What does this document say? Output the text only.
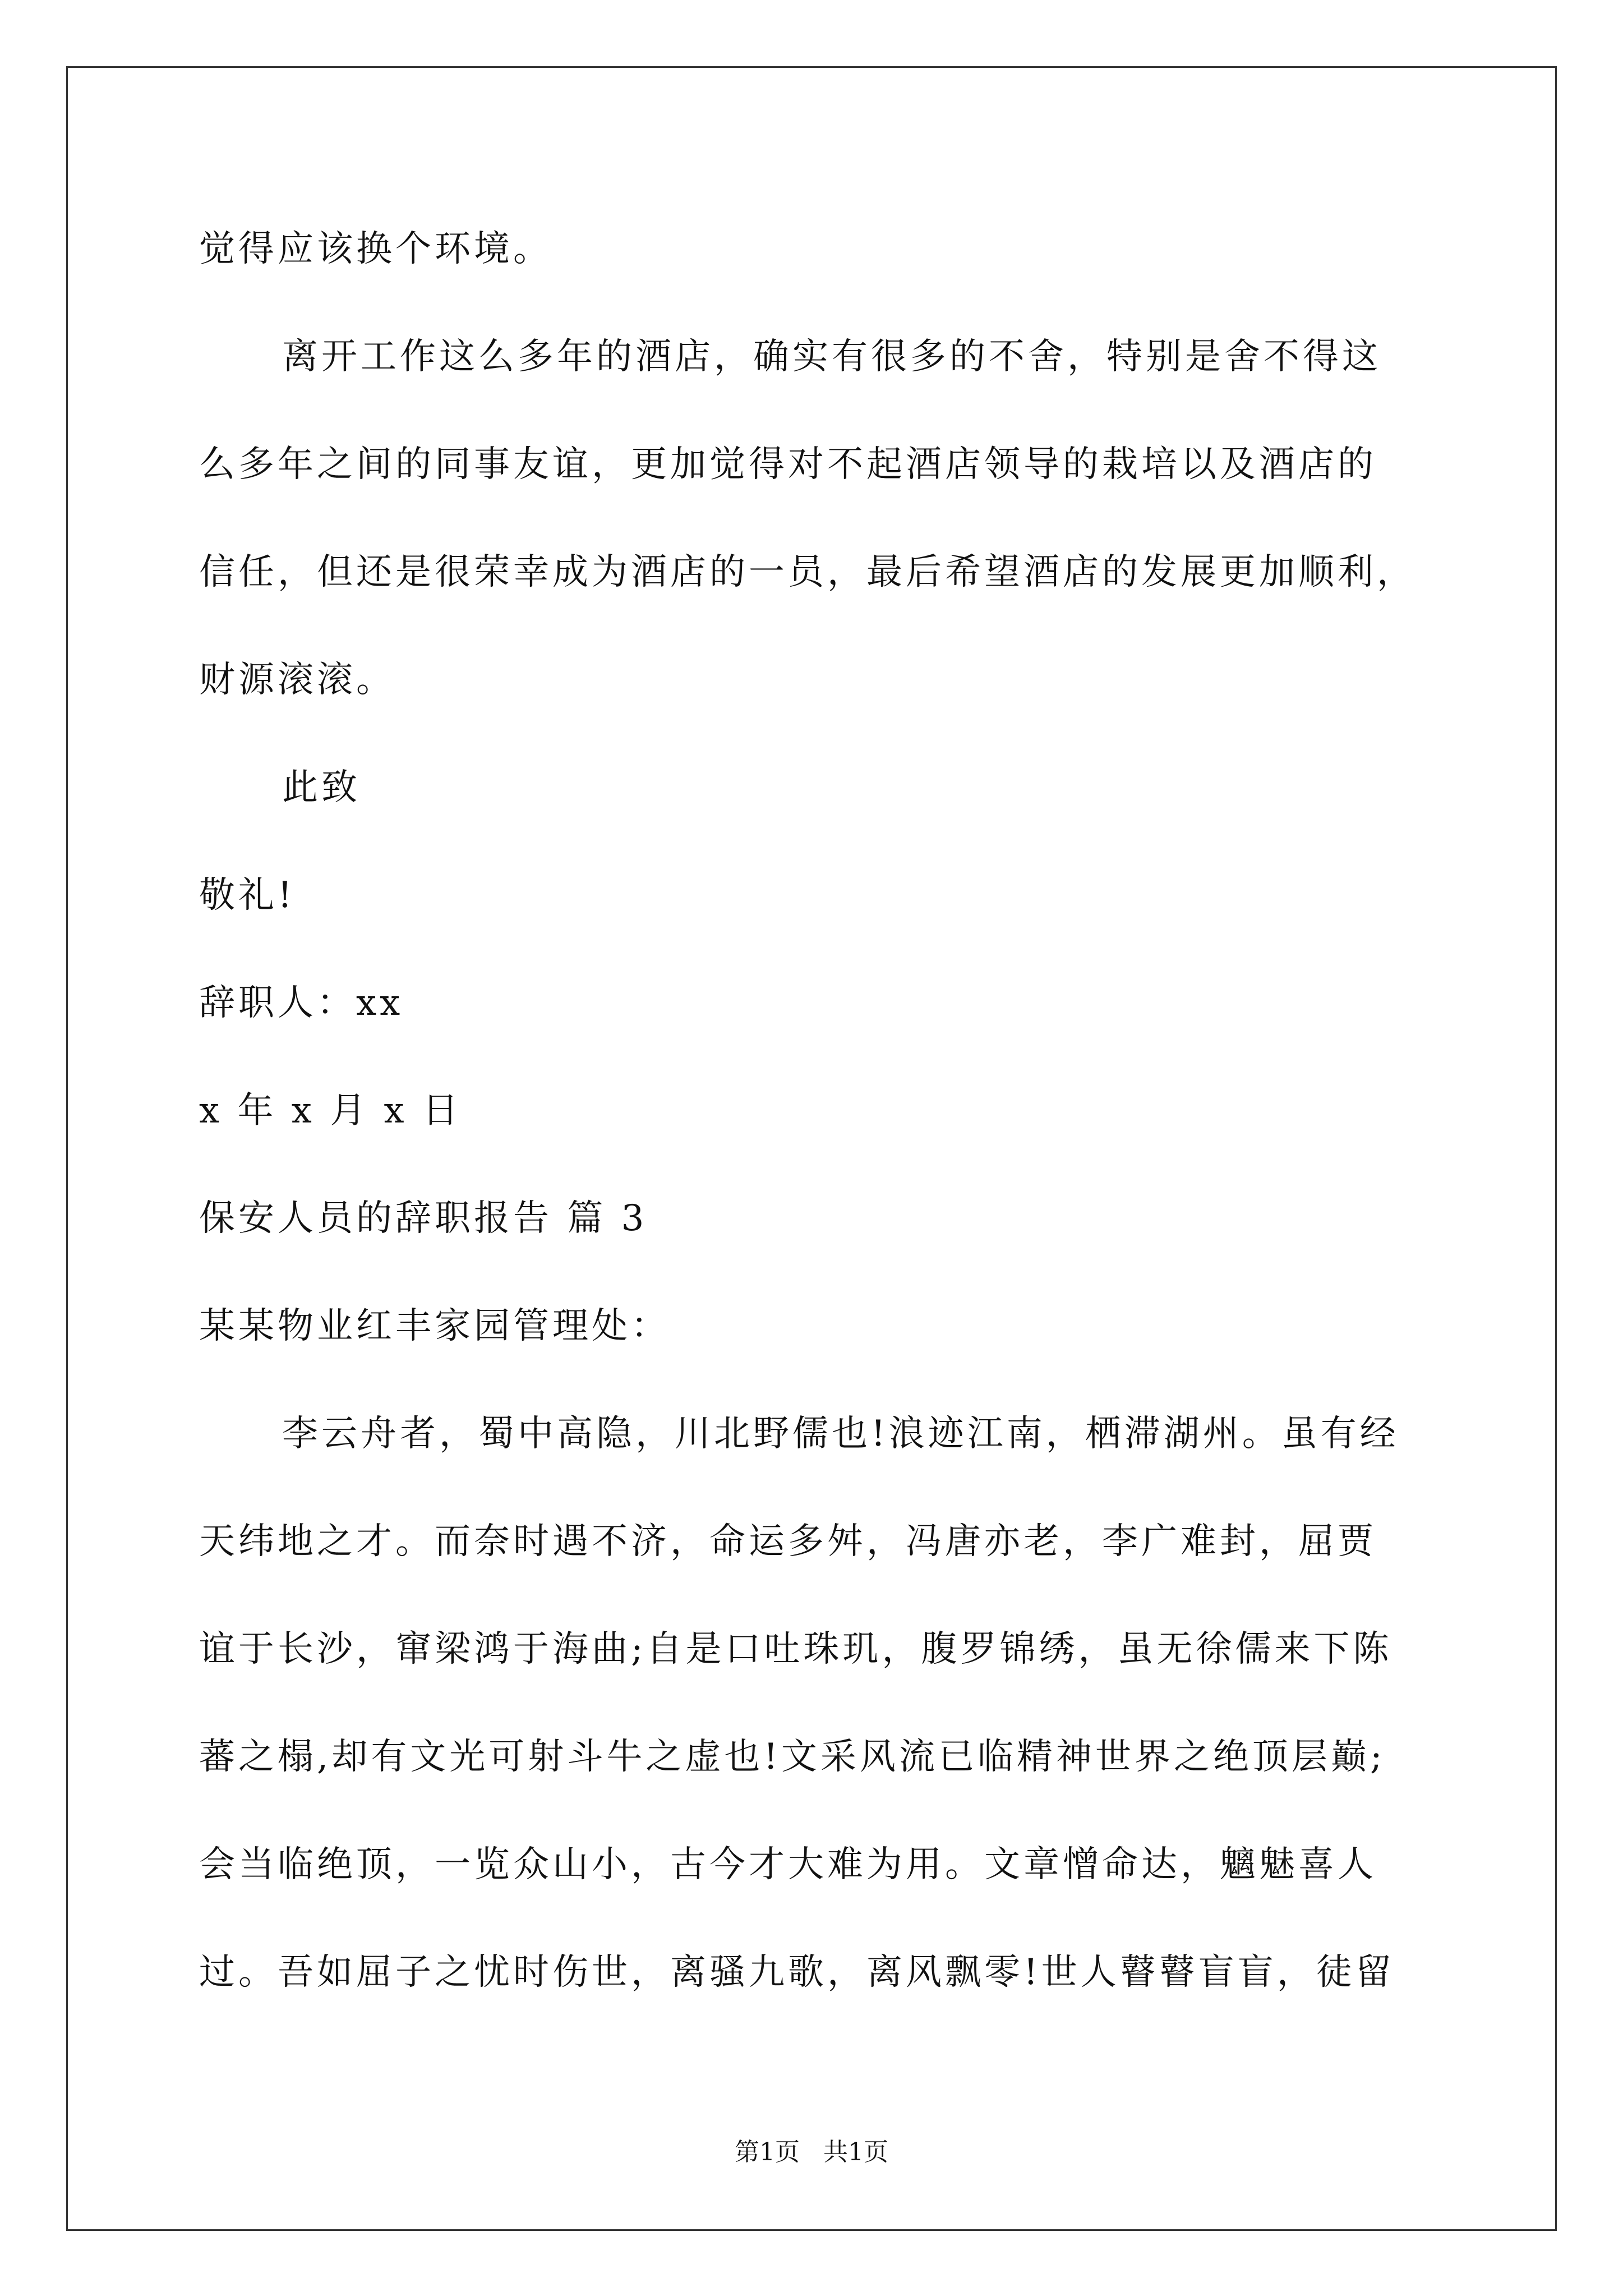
觉得应该换个环境。
离开工作这么多年的酒店，确实有很多的不舍，特别是舍不得这
么多年之间的同事友谊，更加觉得对不起酒店领导的栽培以及酒店的
信任，但还是很荣幸成为酒店的一员，最后希望酒店的发展更加顺利，
财源滚滚。
此致
敬礼!
辞职人：xx
x 年 x 月 x 日
保安人员的辞职报告 篇 3
某某物业红丰家园管理处：
李云舟者，蜀中高隐，川北野儒也!浪迹江南，栖滞湖州。虽有经
天纬地之才。而奈时遇不济，命运多舛，冯唐亦老，李广难封，屈贾
谊于长沙，窜梁鸿于海曲;自是口吐珠玑，腹罗锦绣，虽无徐儒来下陈
蕃之榻,却有文光可射斗牛之虚也!文采风流已临精神世界之绝顶层巅;
会当临绝顶，一览众山小，古今才大难为用。文章憎命达，魑魅喜人
过。吾如屈子之忧时伤世，离骚九歌，离风飘零!世人瞽瞽盲盲，徒留
第1页   共1页
